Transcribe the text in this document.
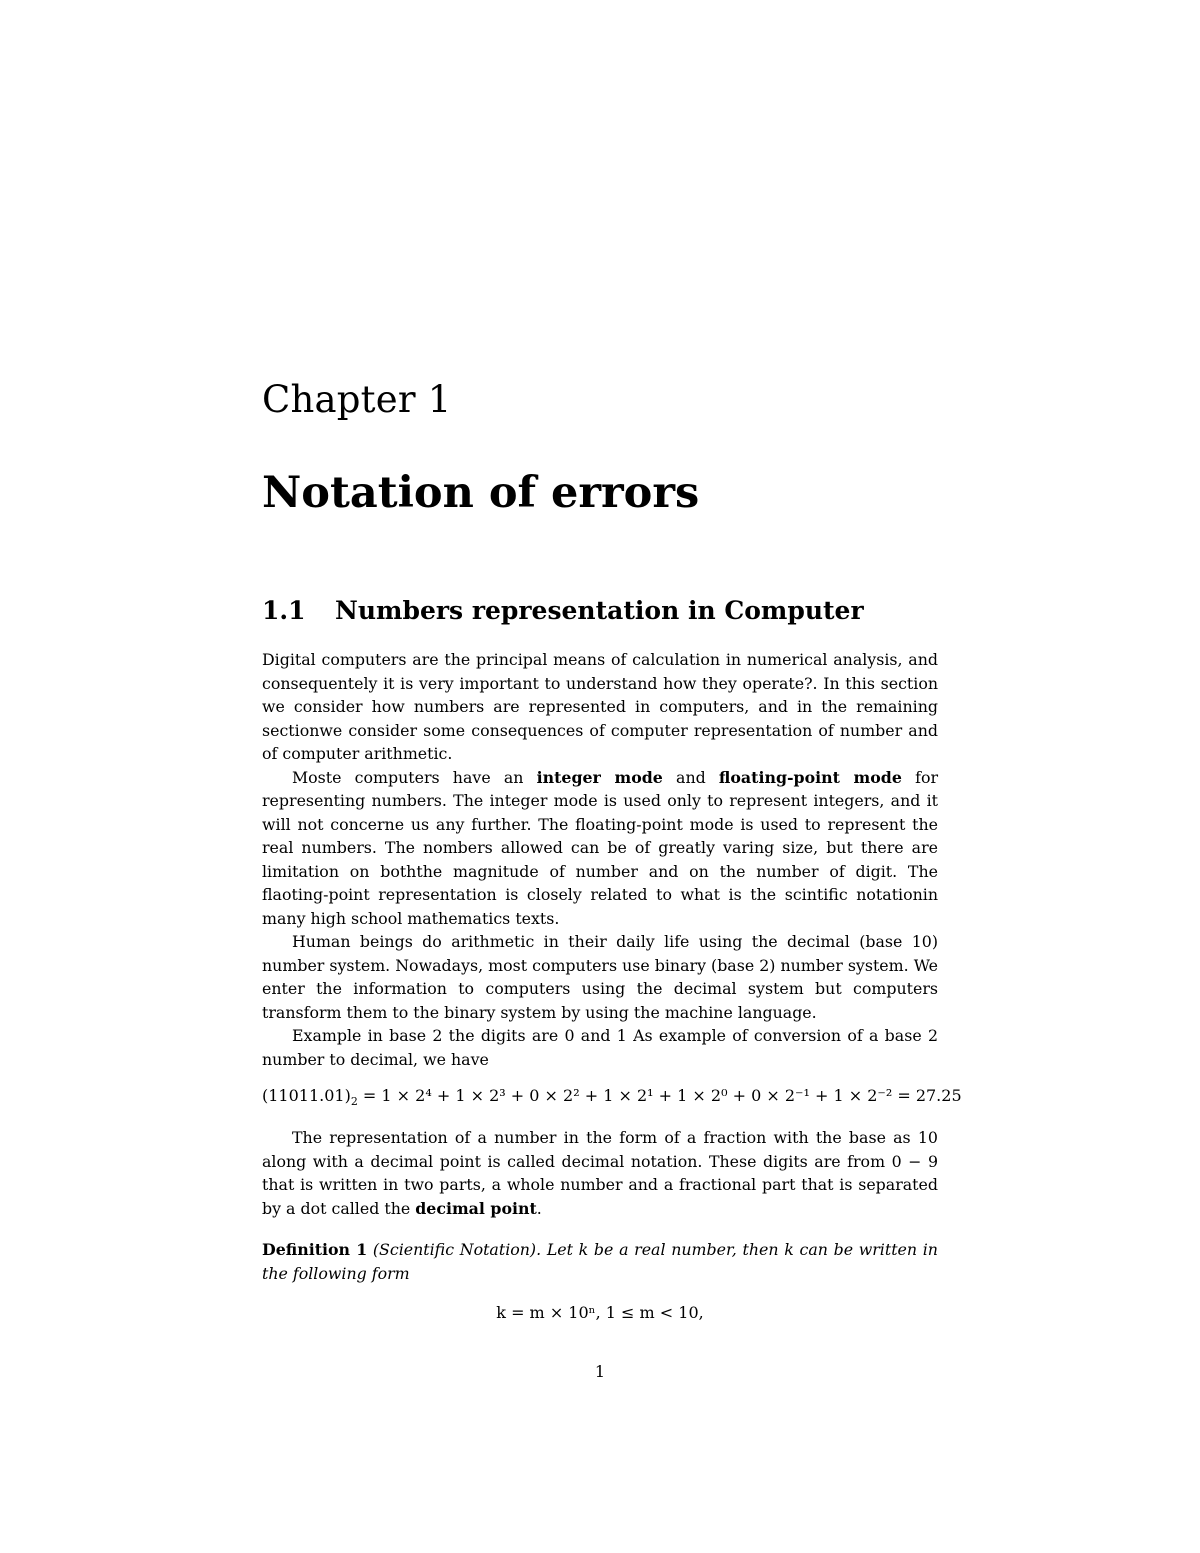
Chapter 1
Notation of errors
1.1 Numbers representation in Computer

Digital computers are the principal means of calculation in numerical analysis, and consequentely it is very important to understand how they operate?. In this section we consider how numbers are represented in computers, and in the remaining sectionwe consider some consequences of computer representation of number and of computer arithmetic.

Moste computers have an integer mode and floating-point mode for representing numbers. The integer mode is used only to represent integers, and it will not concerne us any further. The floating-point mode is used to represent the real numbers. The nombers allowed can be of greatly varing size, but there are limitation on boththe magnitude of number and on the number of digit. The flaoting-point representation is closely related to what is the scintific notationin many high school mathematics texts.

Human beings do arithmetic in their daily life using the decimal (base 10) number system. Nowadays, most computers use binary (base 2) number system. We enter the information to computers using the decimal system but computers transform them to the binary system by using the machine language.

Example in base 2 the digits are 0 and 1 As example of conversion of a base 2 number to decimal, we have

$(11011.01)_2 = 1 \times 2^4 + 1 \times 2^3 + 0 \times 2^2 + 1 \times 2^1 + 1 \times 2^0 + 0 \times 2^{-1} + 1 \times 2^{-2} = 27.25$

The representation of a number in the form of a fraction with the base as 10 along with a decimal point is called decimal notation. These digits are from 0 − 9 that is written in two parts, a whole number and a fractional part that is separated by a dot called the decimal point.

Definition 1 (Scientific Notation). Let k be a real number, then k can be written in the following form
k = m × 10ⁿ, 1 ≤ m < 10,
1
